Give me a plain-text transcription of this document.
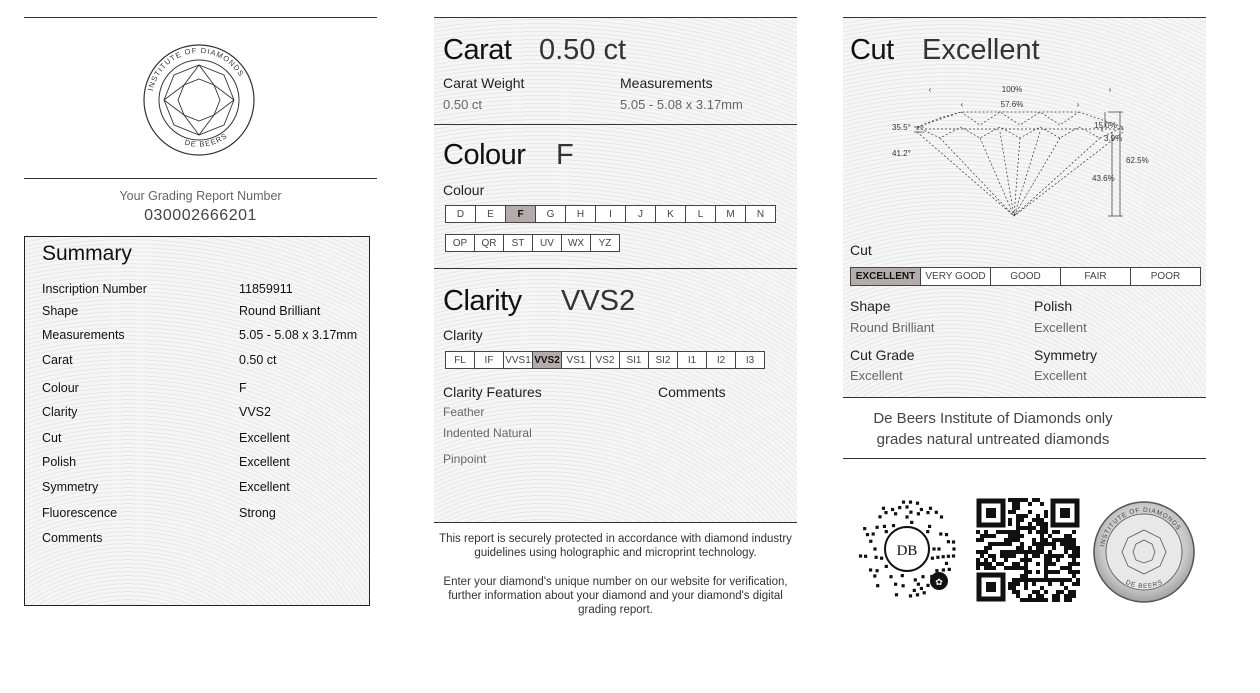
INSTITUTE OF DIAMONDS
DE BEERS
Your Grading Report Number
030002666201
Summary
Inscription Number	11859911
Shape	Round Brilliant
Measurements	5.05 - 5.08 x 3.17mm
Carat	0.50 ct
Colour	F
Clarity	VVS2
Cut	Excellent
Polish	Excellent
Symmetry	Excellent
Fluorescence	Strong
Comments
Carat 0.50 ct
Carat Weight
0.50 ct
Measurements
5.05 - 5.08 x 3.17mm
Colour F
Colour
D	E	F	G	H	I	J	K	L	M	N
OP	QR	ST	UV	WX	YZ
Clarity VVS2
Clarity
FL	IF	VVS1 VVS2 VS1	VS2	SI1	SI2	I1	I2	I3
Clarity Features	Comments
Feather
Indented Natural
Pinpoint
This report is securely protected in accordance with diamond industry
guidelines using holographic and microprint technology.
Enter your diamond's unique number on our website for verification,
further information about your diamond and your diamond's digital
grading report.
Cut Excellent
‹	›
‹	›
100%
57.6%
35.5°
41.2°
15.0%
3.9%
62.5%
43.6%
Cut
EXCELLENT	VERY GOOD	GOOD	FAIR	POOR
Shape
Round Brilliant
Polish
Excellent
Cut Grade
Excellent
Symmetry
Excellent
De Beers Institute of Diamonds only
grades natural untreated diamonds
DB
✿
INSTITUTE OF DIAMONDS
DE BEERS
